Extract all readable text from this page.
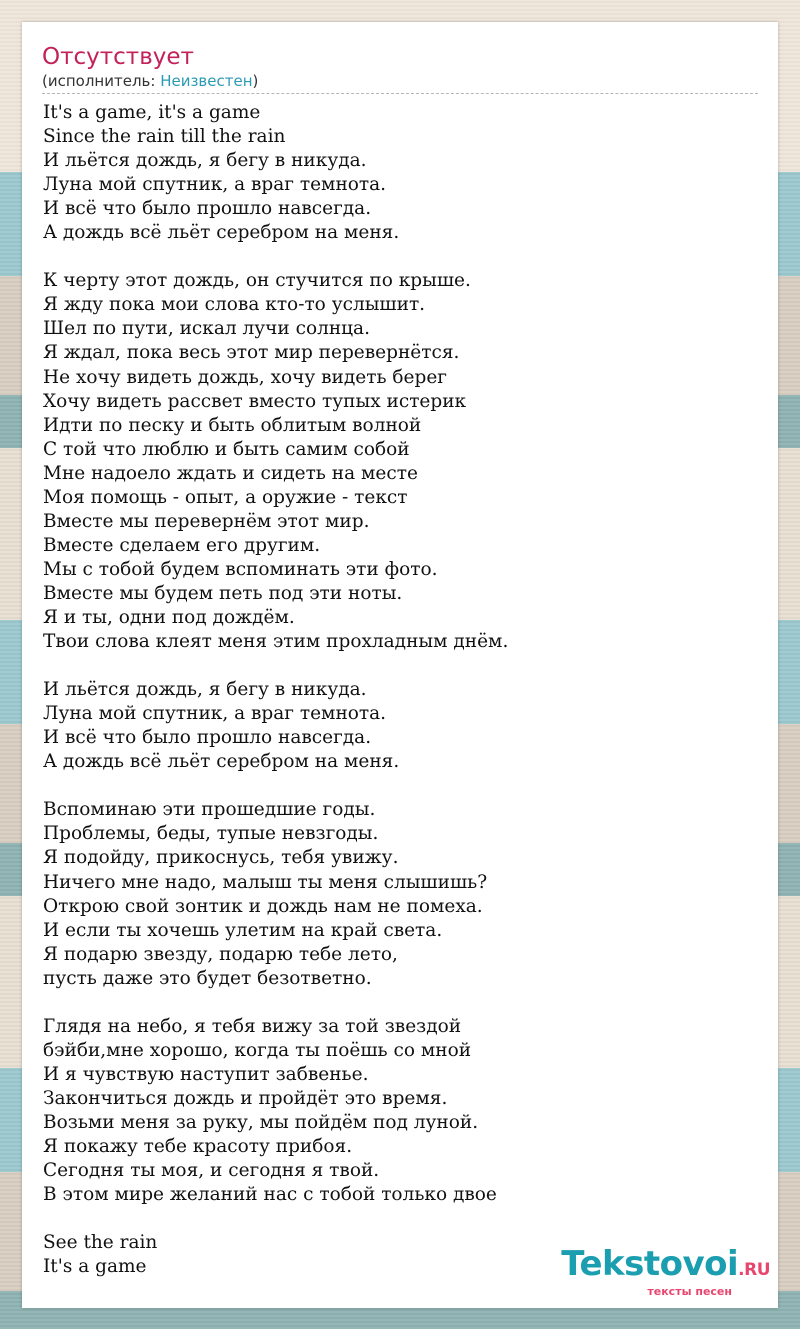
Отсутствует
(исполнитель: Неизвестен)
It's a game, it's a game
Since the rain till the rain
И льётся дождь, я бегу в никуда.
Луна мой спутник, а враг темнота.
И всё что было прошло навсегда.
А дождь всё льёт серебром на меня.
К черту этот дождь, он стучится по крыше.
Я жду пока мои слова кто-то услышит.
Шел по пути, искал лучи солнца.
Я ждал, пока весь этот мир перевернётся.
Не хочу видеть дождь, хочу видеть берег
Хочу видеть рассвет вместо тупых истерик
Идти по песку и быть облитым волной
С той что люблю и быть самим собой
Мне надоело ждать и сидеть на месте
Моя помощь - опыт, а оружие - текст
Вместе мы перевернём этот мир.
Вместе сделаем его другим.
Мы с тобой будем вспоминать эти фото.
Вместе мы будем петь под эти ноты.
Я и ты, одни под дождём.
Твои слова клеят меня этим прохладным днём.
И льётся дождь, я бегу в никуда.
Луна мой спутник, а враг темнота.
И всё что было прошло навсегда.
А дождь всё льёт серебром на меня.
Вспоминаю эти прошедшие годы.
Проблемы, беды, тупые невзгоды.
Я подойду, прикоснусь, тебя увижу.
Ничего мне надо, малыш ты меня слышишь?
Открою свой зонтик и дождь нам не помеха.
И если ты хочешь улетим на край света.
Я подарю звезду, подарю тебе лето,
пусть даже это будет безответно.
Глядя на небо, я тебя вижу за той звездой
бэйби,мне хорошо, когда ты поёшь со мной
И я чувствую наступит забвенье.
Закончиться дождь и пройдёт это время.
Возьми меня за руку, мы пойдём под луной.
Я покажу тебе красоту прибоя.
Сегодня ты моя, и сегодня я твой.
В этом мире желаний нас с тобой только двое
See the rain
It's a game	Tekstovoi.RU
тексты песен
